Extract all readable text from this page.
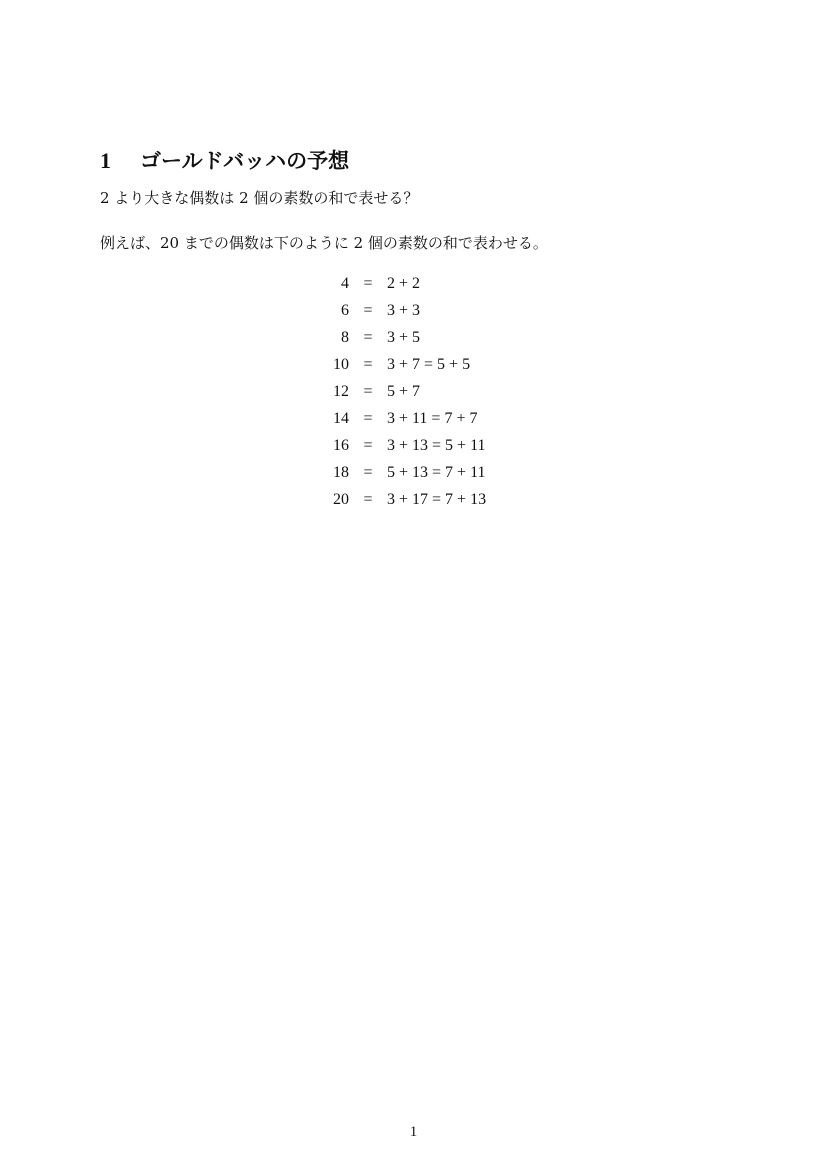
1 ゴールドバッハの予想

2 より大きな偶数は 2 個の素数の和で表せる？

例えば、20 までの偶数は下のように 2 個の素数の和で表わせる。

4	=	2 + 2
6	=	3 + 3
8	=	3 + 5
10	=	3 + 7 = 5 + 5
12	=	5 + 7
14	=	3 + 11 = 7 + 7
16	=	3 + 13 = 5 + 11
18	=	5 + 13 = 7 + 11
20	=	3 + 17 = 7 + 13

1
